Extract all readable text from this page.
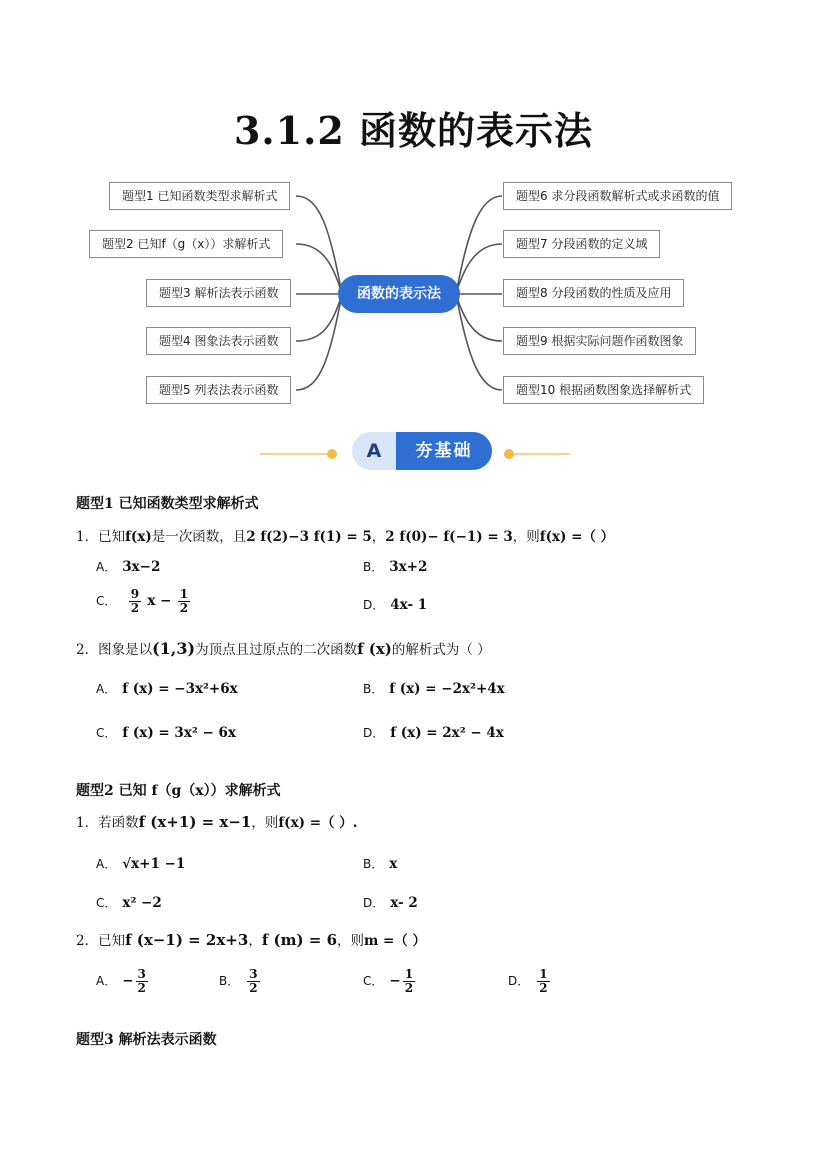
3.1.2 函数的表示法
题型1 已知函数类型求解析式
题型2 已知f（g（x））求解析式
题型3 解析法表示函数
题型4 图象法表示函数
题型5 列表法表示函数
函数的表示法
题型6 求分段函数解析式或求函数的值
题型7 分段函数的定义域
题型8 分段函数的性质及应用
题型9 根据实际问题作函数图象
题型10 根据函数图象选择解析式
A	夯基础
题型1 已知函数类型求解析式
1．已知f(x)是一次函数，且2 f(2)−3 f(1) = 5，2 f(0)− f(−1) = 3，则f(x) =（ ）
A． 3x−2	B． 3x+2
C． $\frac{9}{2}$ $x - \frac{1}{2}$	D． 4x- 1
2．图象是以(1,3)为顶点且过原点的二次函数f (x)的解析式为（ ）
A． f (x) = −3x²+6x	B． f (x) = −2x²+4x
C． f (x) = 3x² − 6x	D． f (x) = 2x² − 4x
题型2 已知 f（g（x））求解析式
1．若函数f (x+1) = x−1，则f(x) =（ ）.
A． √x+1 −1	B． x
C． x² −2	D． x- 2
2．已知f (x−1) = 2x+3，f (m) = 6，则m =（ ）
A． − $\frac{3}{2}$	B． $\frac{3}{2}$	C． − $\frac{1}{2}$	D． $\frac{1}{2}$
题型3 解析法表示函数
